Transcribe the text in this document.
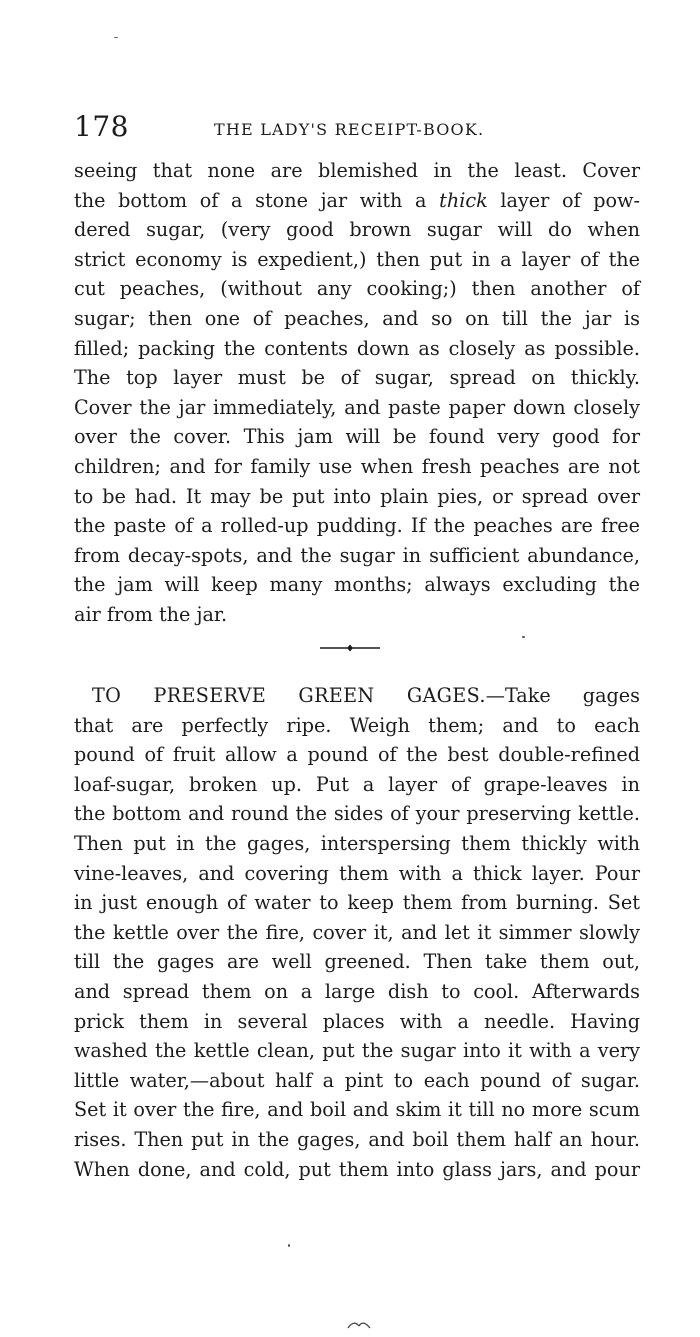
178	THE LADY'S RECEIPT-BOOK.
seeing that none are blemished in the least. Cover
the bottom of a stone jar with a thick layer of pow-
dered sugar, (very good brown sugar will do when
strict economy is expedient,) then put in a layer of the
cut peaches, (without any cooking;) then another of
sugar; then one of peaches, and so on till the jar is
filled; packing the contents down as closely as possible.
The top layer must be of sugar, spread on thickly.
Cover the jar immediately, and paste paper down closely
over the cover. This jam will be found very good for
children; and for family use when fresh peaches are not
to be had. It may be put into plain pies, or spread over
the paste of a rolled-up pudding. If the peaches are free
from decay-spots, and the sugar in sufficient abundance,
the jam will keep many months; always excluding the
air from the jar.
TO PRESERVE GREEN GAGES.—Take gages
that are perfectly ripe. Weigh them; and to each
pound of fruit allow a pound of the best double-refined
loaf-sugar, broken up. Put a layer of grape-leaves in
the bottom and round the sides of your preserving kettle.
Then put in the gages, interspersing them thickly with
vine-leaves, and covering them with a thick layer. Pour
in just enough of water to keep them from burning. Set
the kettle over the fire, cover it, and let it simmer slowly
till the gages are well greened. Then take them out,
and spread them on a large dish to cool. Afterwards
prick them in several places with a needle. Having
washed the kettle clean, put the sugar into it with a very
little water,—about half a pint to each pound of sugar.
Set it over the fire, and boil and skim it till no more scum
rises. Then put in the gages, and boil them half an hour.
When done, and cold, put them into glass jars, and pour
